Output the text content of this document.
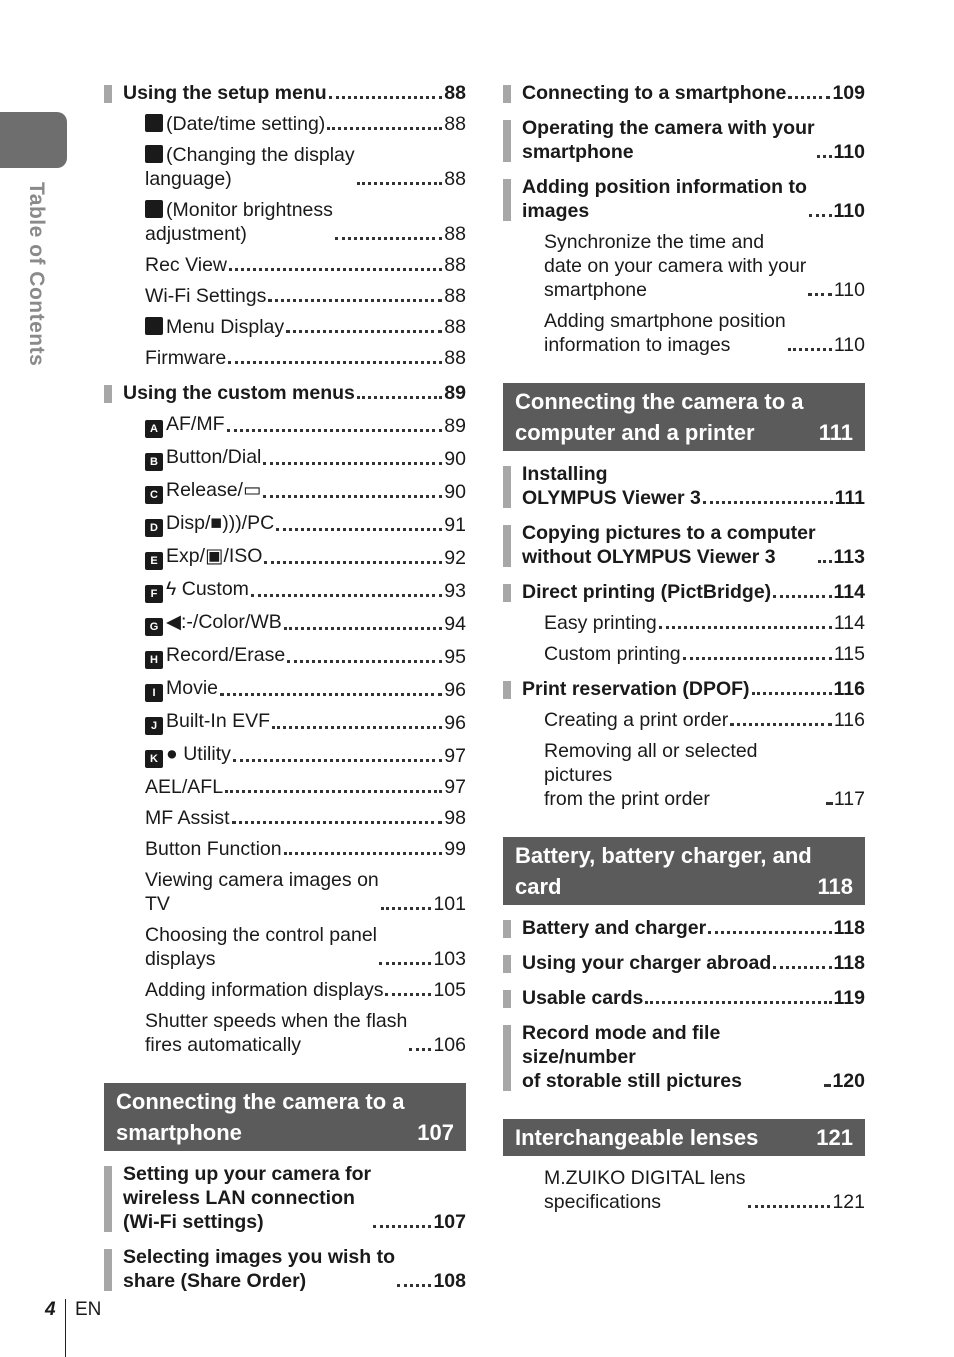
Table of Contents
Using the setup menu	88
(Date/time setting)	88
(Changing the display
language)	88
(Monitor brightness
adjustment)	88
Rec View	88
Wi-Fi Settings	88
Menu Display	88
Firmware	88
Using the custom menus	89
A AF/MF	89
B Button/Dial	90
C Release/▭	90
D Disp/■)))/PC	91
E Exp/▣/ISO	92
F ϟ Custom	93
G ◀:-/Color/WB	94
H Record/Erase	95
I Movie	96
J Built-In EVF	96
K ● Utility	97
AEL/AFL	97
MF Assist	98
Button Function	99
Viewing camera images on
TV	101
Choosing the control panel
displays	103
Adding information displays	105
Shutter speeds when the flash
fires automatically	106
Connecting the camera to a
smartphone	107
Setting up your camera for
wireless LAN connection
(Wi-Fi settings)	107
Selecting images you wish to
share (Share Order)	108
Connecting to a smartphone 109
Operating the camera with your
smartphone	110
Adding position information to
images	110
Synchronize the time and
date on your camera with your
smartphone	110
Adding smartphone position
information to images	110
Connecting the camera to a
computer and a printer	111
Installing
OLYMPUS Viewer 3	111
Copying pictures to a computer
without OLYMPUS Viewer 3	113
Direct printing (PictBridge)	114
Easy printing	114
Custom printing	115
Print reservation (DPOF)	116
Creating a print order	116
Removing all or selected pictures
from the print order	117
Battery, battery charger, and
card	118
Battery and charger	118
Using your charger abroad	118
Usable cards	119
Record mode and file size/number
of storable still pictures	120
Interchangeable lenses	121
M.ZUIKO DIGITAL lens
specifications	121
4 EN
